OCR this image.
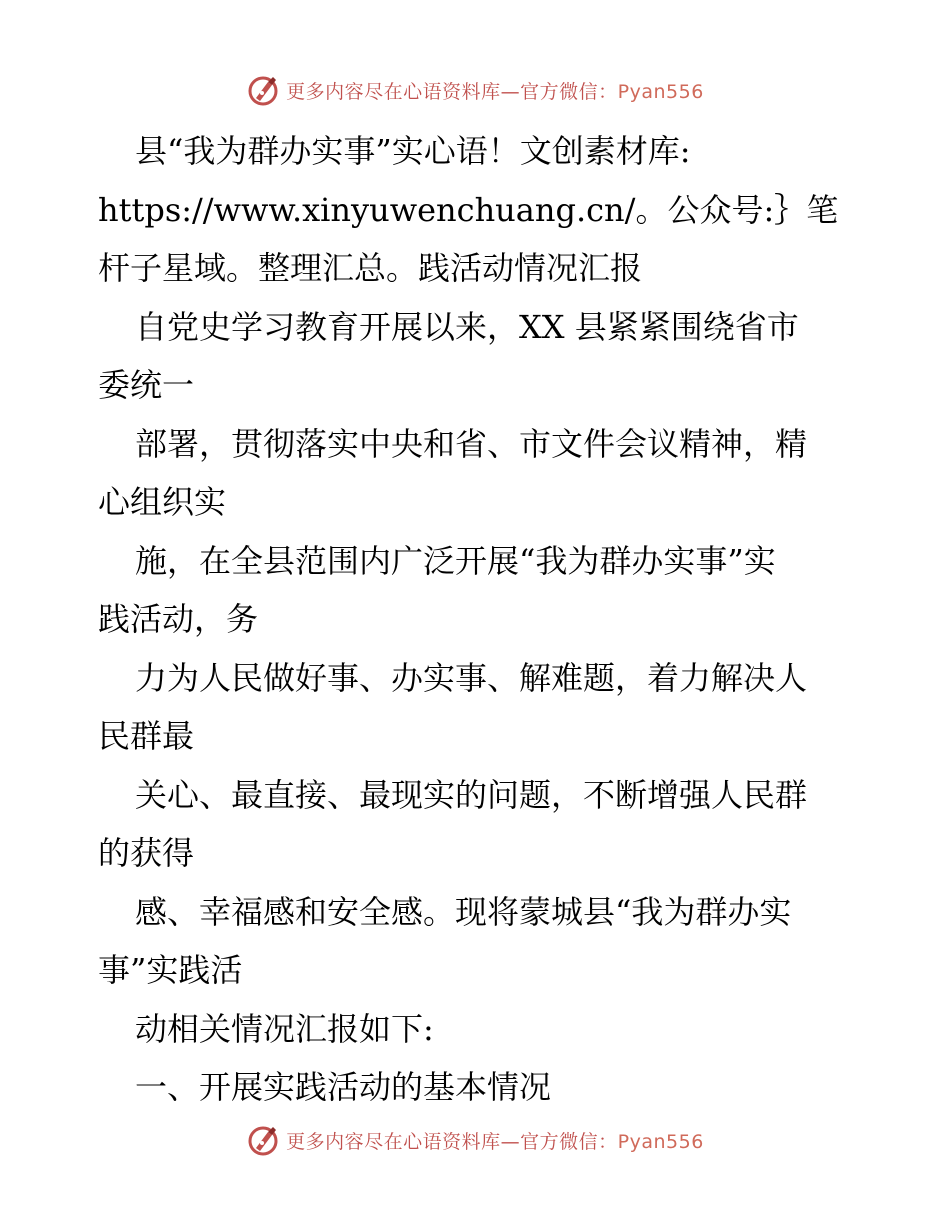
更多内容尽在心语资料库—官方微信：Pyan556
县“我为群办实事”实心语！文创素材库:
https://www.xinyuwenchuang.cn/。公众号:｝笔
杆子星域。整理汇总。践活动情况汇报
自党史学习教育开展以来，XX 县紧紧围绕省市
委统一
部署，贯彻落实中央和省、市文件会议精神，精
心组织实
施，在全县范围内广泛开展“我为群办实事”实
践活动，务
力为人民做好事、办实事、解难题，着力解决人
民群最
关心、最直接、最现实的问题，不断增强人民群
的获得
感、幸福感和安全感。现将蒙城县“我为群办实
事”实践活
动相关情况汇报如下:
一、开展实践活动的基本情况
更多内容尽在心语资料库—官方微信：Pyan556
